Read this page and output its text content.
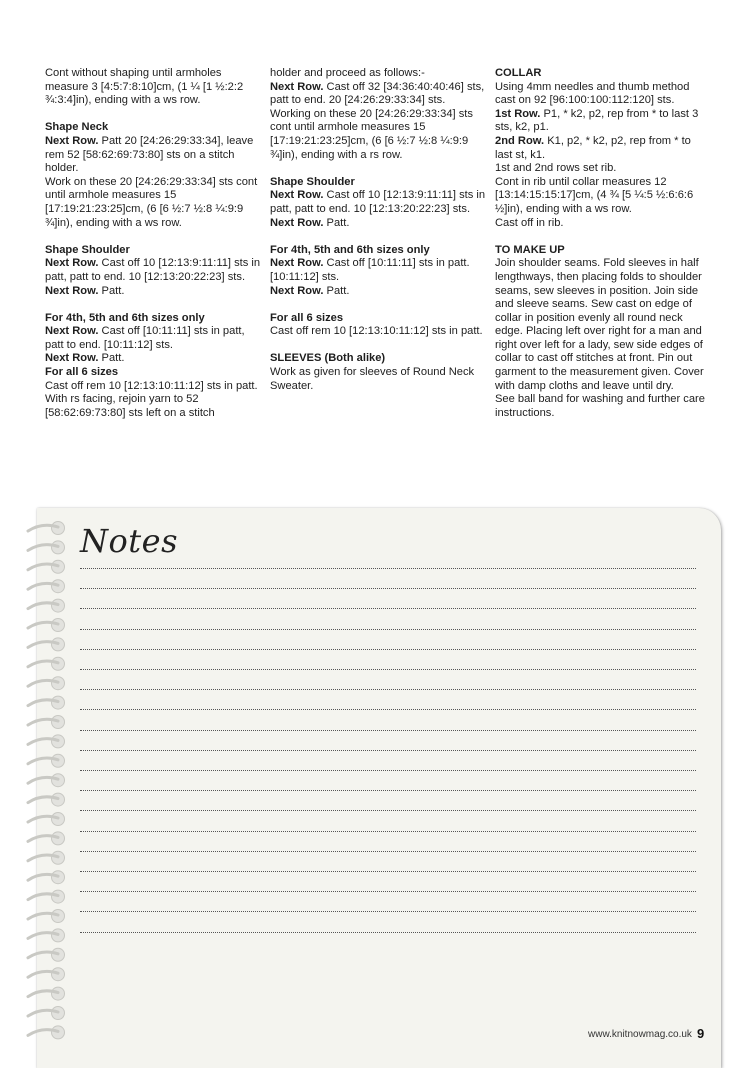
Cont without shaping until armholes measure 3 [4:5:7:8:10]cm, (1 ¼ [1 ½:2:2 ¾:3:4]in), ending with a ws row.

Shape Neck

Next Row. Patt 20 [24:26:29:33:34], leave rem 52 [58:62:69:73:80] sts on a stitch holder.

Work on these 20 [24:26:29:33:34] sts cont until armhole measures 15 [17:19:21:23:25]cm, (6 [6 ½:7 ½:8 ¼:9:9 ¾]in), ending with a ws row.

Shape Shoulder

Next Row. Cast off 10 [12:13:9:11:11] sts in patt, patt to end. 10 [12:13:20:22:23] sts.

Next Row. Patt.

For 4th, 5th and 6th sizes only

Next Row. Cast off [10:11:11] sts in patt, patt to end. [10:11:12] sts.

Next Row. Patt.

For all 6 sizes

Cast off rem 10 [12:13:10:11:12] sts in patt.

With rs facing, rejoin yarn to 52 [58:62:69:73:80] sts left on a stitch

holder and proceed as follows:-

Next Row. Cast off 32 [34:36:40:40:46] sts, patt to end. 20 [24:26:29:33:34] sts.

Working on these 20 [24:26:29:33:34] sts cont until armhole measures 15 [17:19:21:23:25]cm, (6 [6 ½:7 ½:8 ¼:9:9 ¾]in), ending with a rs row.

Shape Shoulder

Next Row. Cast off 10 [12:13:9:11:11] sts in patt, patt to end. 10 [12:13:20:22:23] sts.

Next Row. Patt.

For 4th, 5th and 6th sizes only

Next Row. Cast off [10:11:11] sts in patt. [10:11:12] sts.

Next Row. Patt.

For all 6 sizes

Cast off rem 10 [12:13:10:11:12] sts in patt.

SLEEVES (Both alike)

Work as given for sleeves of Round Neck Sweater.

COLLAR

Using 4mm needles and thumb method cast on 92 [96:100:100:112:120] sts.

1st Row. P1, * k2, p2, rep from * to last 3 sts, k2, p1.

2nd Row. K1, p2, * k2, p2, rep from * to last st, k1.

1st and 2nd rows set rib.

Cont in rib until collar measures 12 [13:14:15:15:17]cm, (4 ¾ [5 ¼:5 ½:6:6:6 ½]in), ending with a ws row.

Cast off in rib.

TO MAKE UP

Join shoulder seams. Fold sleeves in half lengthways, then placing folds to shoulder seams, sew sleeves in position. Join side and sleeve seams. Sew cast on edge of collar in position evenly all round neck edge. Placing left over right for a man and right over left for a lady, sew side edges of collar to cast off stitches at front. Pin out garment to the measurement given. Cover with damp cloths and leave until dry.

See ball band for washing and further care instructions.

Notes
www.knitnowmag.co.uk 9
